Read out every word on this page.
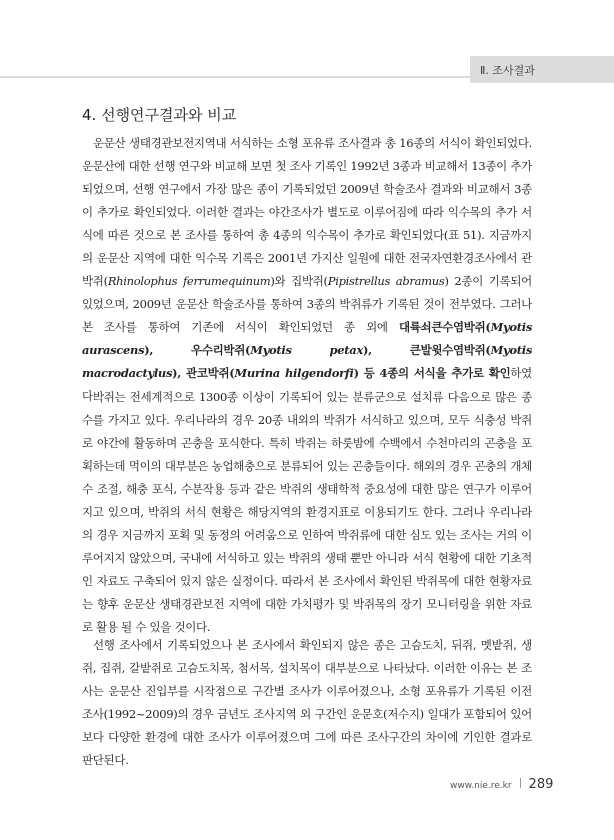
Ⅱ. 조사결과
4. 선행연구결과와 비교

운문산 생태경관보전지역내 서식하는 소형 포유류 조사결과 총 16종의 서식이 확인되었다. 운문산에 대한 선행 연구와 비교해 보면 첫 조사 기록인 1992년 3종과 비교해서 13종이 추가되었으며, 선행 연구에서 가장 많은 종이 기록되었던 2009년 학술조사 결과와 비교해서 3종이 추가로 확인되었다. 이러한 결과는 야간조사가 별도로 이루어짐에 따라 익수목의 추가 서식에 따른 것으로 본 조사를 통하여 총 4종의 익수목이 추가로 확인되었다(표 51). 지금까지의 운문산 지역에 대한 익수목 기록은 2001년 가지산 일원에 대한 전국자연환경조사에서 관박쥐(Rhinolophus ferrumequinum)와 집박쥐(Pipistrellus abramus) 2종이 기록되어 있었으며, 2009년 운문산 학술조사를 통하여 3종의 박쥐류가 기록된 것이 전부였다. 그러나 본 조사를 통하여 기존에 서식이 확인되었던 종 외에 대륙쇠큰수염박쥐(Myotis aurascens), 우수리박쥐(Myotis petax), 큰발윗수염박쥐(Myotis macrodactylus), 관코박쥐(Murina hilgendorfi) 등 4종의 서식을 추가로 확인하였다.

박쥐는 전세계적으로 1300종 이상이 기록되어 있는 분류군으로 설치류 다음으로 많은 종 수를 가지고 있다. 우리나라의 경우 20종 내외의 박쥐가 서식하고 있으며, 모두 식충성 박쥐로 야간에 활동하며 곤충을 포식한다. 특히 박쥐는 하룻밤에 수백에서 수천마리의 곤충을 포획하는데 먹이의 대부분은 농업해충으로 분류되어 있는 곤충들이다. 해외의 경우 곤충의 개체수 조절, 해충 포식, 수분작용 등과 같은 박쥐의 생태학적 중요성에 대한 많은 연구가 이루어지고 있으며, 박쥐의 서식 현황은 해당지역의 환경지표로 이용되기도 한다. 그러나 우리나라의 경우 지금까지 포획 및 동정의 어려움으로 인하여 박쥐류에 대한 심도 있는 조사는 거의 이루어지지 않았으며, 국내에 서식하고 있는 박쥐의 생태 뿐만 아니라 서식 현황에 대한 기초적인 자료도 구축되어 있지 않은 실정이다. 따라서 본 조사에서 확인된 박쥐목에 대한 현황자료는 향후 운문산 생태경관보전 지역에 대한 가치평가 및 박쥐목의 장기 모니터링을 위한 자료로 활용 될 수 있을 것이다.

선행 조사에서 기록되었으나 본 조사에서 확인되지 않은 종은 고슴도치, 뒤쥐, 멧밭쥐, 생쥐, 집쥐, 갈밭쥐로 고슴도치목, 첨서목, 설치목이 대부분으로 나타났다. 이러한 이유는 본 조사는 운문산 진입부를 시작점으로 구간별 조사가 이루어졌으나, 소형 포유류가 기록된 이전 조사(1992~2009)의 경우 금년도 조사지역 외 구간인 운문호(저수지) 일대가 포함되어 있어 보다 다양한 환경에 대한 조사가 이루어졌으며 그에 따른 조사구간의 차이에 기인한 결과로 판단된다.

www.nie.re.kr 289
